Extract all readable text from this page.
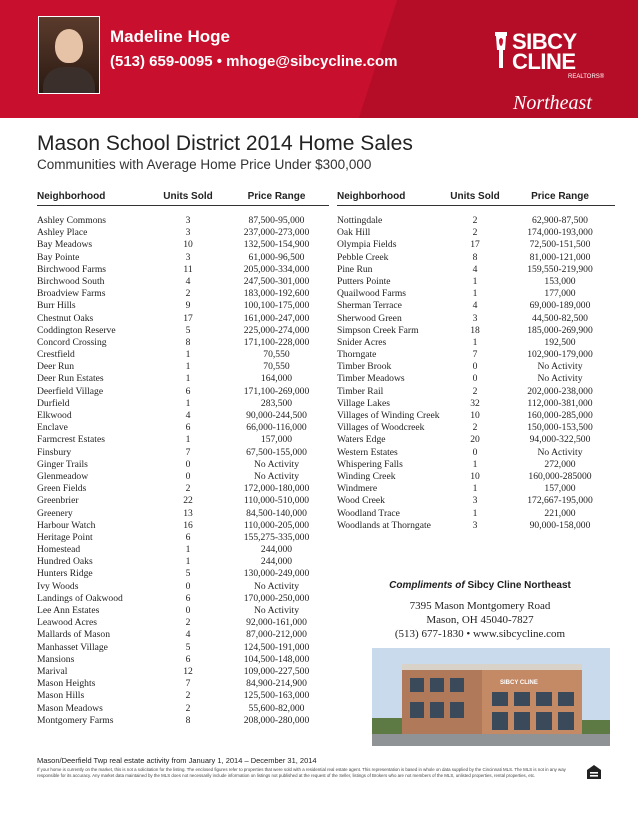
Madeline Hoge
(513) 659-0095 • mhoge@sibcycline.com
SIBCY
CLINE
REALTORS®
Northeast
Mason School District 2014 Home Sales
Communities with Average Home Price Under $300,000
Neighborhood	Units Sold	Price Range
Ashley Commons	3	87,500-95,000
Ashley Place	3	237,000-273,000
Bay Meadows	10	132,500-154,900
Bay Pointe	3	61,000-96,500
Birchwood Farms	11	205,000-334,000
Birchwood South	4	247,500-301,000
Broadview Farms	2	183,000-192,600
Burr Hills	9	100,100-175,000
Chestnut Oaks	17	161,000-247,000
Coddington Reserve	5	225,000-274,000
Concord Crossing	8	171,100-228,000
Crestfield	1	70,550
Deer Run	1	70,550
Deer Run Estates	1	164,000
Deerfield Village	6	171,100-269,000
Durfield	1	283,500
Elkwood	4	90,000-244,500
Enclave	6	66,000-116,000
Farmcrest Estates	1	157,000
Finsbury	7	67,500-155,000
Ginger Trails	0	No Activity
Glenmeadow	0	No Activity
Green Fields	2	172,000-180,000
Greenbrier	22	110,000-510,000
Greenery	13	84,500-140,000
Harbour Watch	16	110,000-205,000
Heritage Point	6	155,275-335,000
Homestead	1	244,000
Hundred Oaks	1	244,000
Hunters Ridge	5	130,000-249,000
Ivy Woods	0	No Activity
Landings of Oakwood	6	170,000-250,000
Lee Ann Estates	0	No Activity
Leawood Acres	2	92,000-161,000
Mallards of Mason	4	87,000-212,000
Manhasset Village	5	124,500-191,000
Mansions	6	104,500-148,000
Marival	12	109,000-227,500
Mason Heights	7	84,900-214,900
Mason Hills	2	125,500-163,000
Mason Meadows	2	55,600-82,000
Montgomery Farms	8	208,000-280,000
Neighborhood	Units Sold	Price Range
Nottingdale	2	62,900-87,500
Oak Hill	2	174,000-193,000
Olympia Fields	17	72,500-151,500
Pebble Creek	8	81,000-121,000
Pine Run	4	159,550-219,900
Putters Pointe	1	153,000
Quailwood Farms	1	177,000
Sherman Terrace	4	69,000-189,000
Sherwood Green	3	44,500-82,500
Simpson Creek Farm	18	185,000-269,900
Snider Acres	1	192,500
Thorngate	7	102,900-179,000
Timber Brook	0	No Activity
Timber Meadows	0	No Activity
Timber Rail	2	202,000-238,000
Village Lakes	32	112,000-381,000
Villages of Winding Creek	10	160,000-285,000
Villages of Woodcreek	2	150,000-153,500
Waters Edge	20	94,000-322,500
Western Estates	0	No Activity
Whispering Falls	1	272,000
Winding Creek	10	160,000-285000
Windmere	1	157,000
Wood Creek	3	172,667-195,000
Woodland Trace	1	221,000
Woodlands at Thorngate	3	90,000-158,000
Compliments of Sibcy Cline Northeast
7395 Mason Montgomery Road
Mason, OH 45040-7827
(513) 677-1830 • www.sibcycline.com
SIBCY CLINE
Mason/Deerfield Twp real estate activity from January 1, 2014 – December 31, 2014
If your home is currently on the market, this is not a solicitation for the listing. The enclosed figures refer to properties that were sold with a residential real estate agent. This representation is based in whole on data supplied by the Cincinnati MLS. The MLS is not in any way responsible for its accuracy. Any market data maintained by the MLS does not necessarily include information on listings not published at the request of the Seller, listings of Brokers who are not members of the MLS, unlisted properties, rental properties, etc.
